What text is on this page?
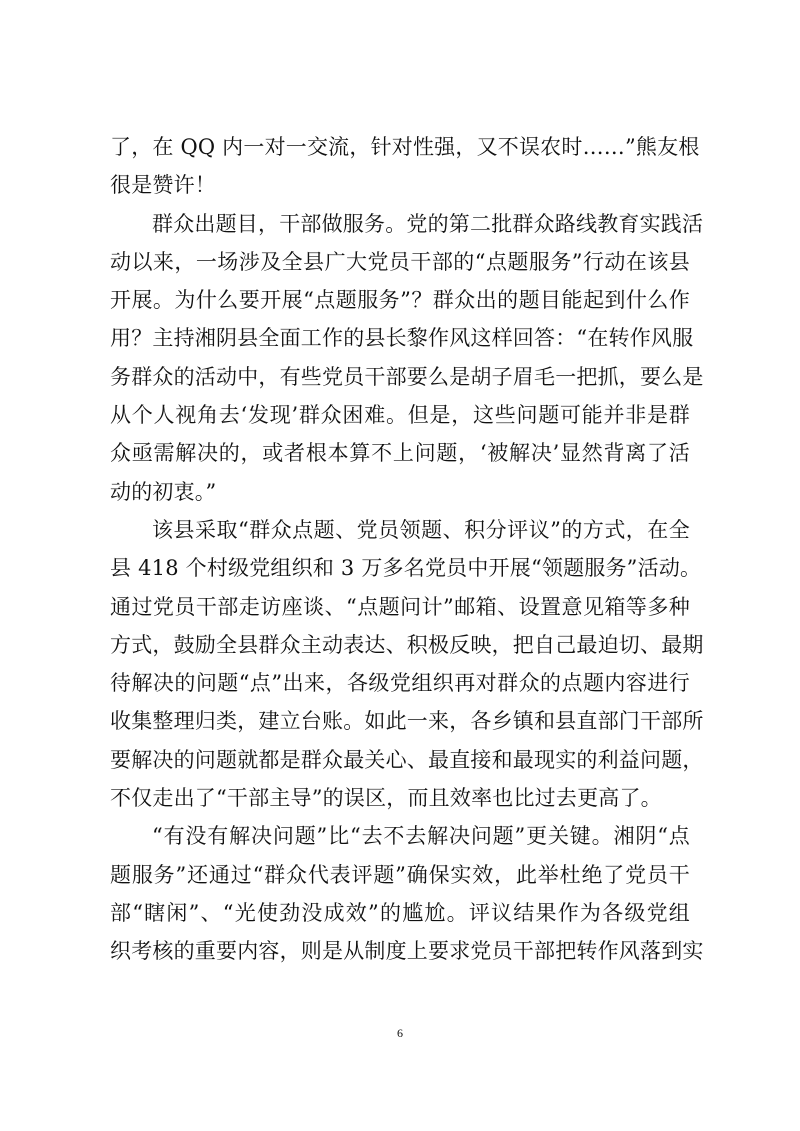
了，在 QQ 内一对一交流，针对性强，又不误农时……”熊友根
很是赞许！
群众出题目，干部做服务。党的第二批群众路线教育实践活
动以来，一场涉及全县广大党员干部的“点题服务”行动在该县
开展。为什么要开展“点题服务”？群众出的题目能起到什么作
用？主持湘阴县全面工作的县长黎作风这样回答：“在转作风服
务群众的活动中，有些党员干部要么是胡子眉毛一把抓，要么是
从个人视角去‘发现’群众困难。但是，这些问题可能并非是群
众亟需解决的，或者根本算不上问题，‘被解决’显然背离了活
动的初衷。”
该县采取“群众点题、党员领题、积分评议”的方式，在全
县 418 个村级党组织和 3 万多名党员中开展“领题服务”活动。
通过党员干部走访座谈、“点题问计”邮箱、设置意见箱等多种
方式，鼓励全县群众主动表达、积极反映，把自己最迫切、最期
待解决的问题“点”出来，各级党组织再对群众的点题内容进行
收集整理归类，建立台账。如此一来，各乡镇和县直部门干部所
要解决的问题就都是群众最关心、最直接和最现实的利益问题，
不仅走出了“干部主导”的误区，而且效率也比过去更高了。
“有没有解决问题”比“去不去解决问题”更关键。湘阴“点
题服务”还通过“群众代表评题”确保实效，此举杜绝了党员干
部“瞎闲”、“光使劲没成效”的尴尬。评议结果作为各级党组
织考核的重要内容，则是从制度上要求党员干部把转作风落到实
6
